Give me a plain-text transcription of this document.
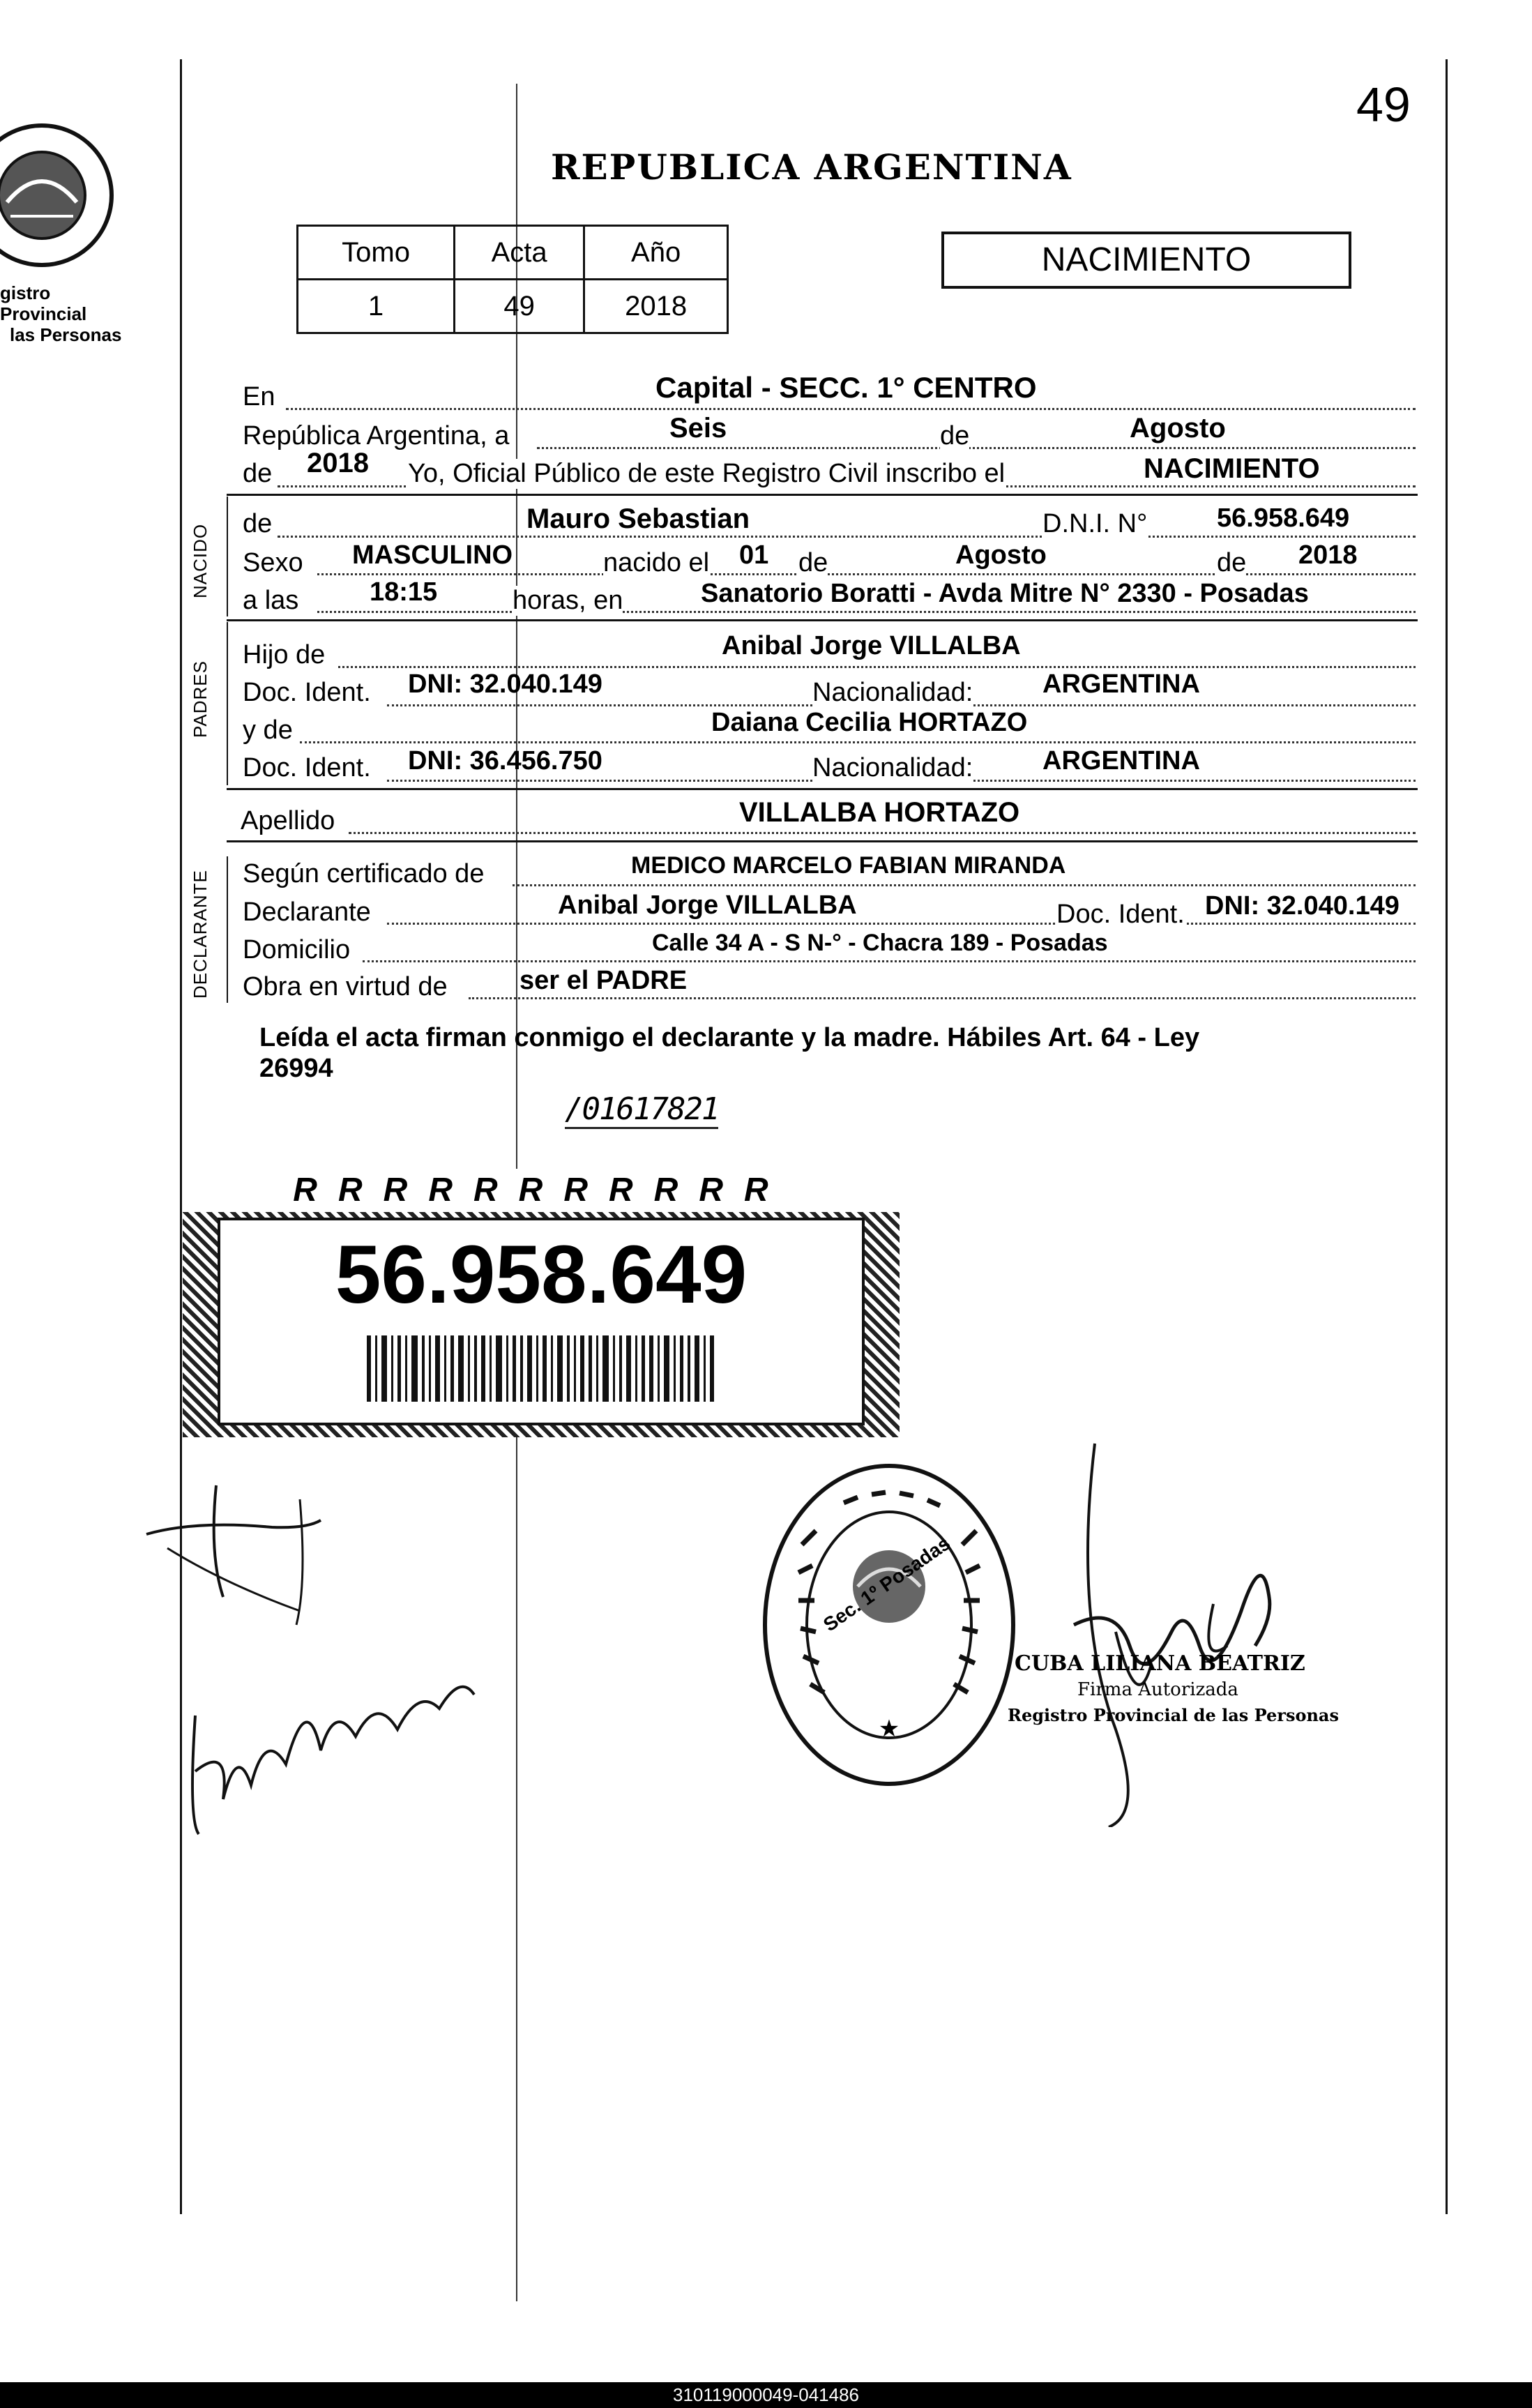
gistro Provincial
las Personas
49
REPUBLICA ARGENTINA
Tomo	Acta	Año
1	49	2018
NACIMIENTO
En	Capital - SECC. 1° CENTRO
República Argentina, a	Seis	de	Agosto
de 2018 Yo, Oficial Público de este Registro Civil inscribo el	NACIMIENTO
NACIDO de	Mauro Sebastian	D.N.I. N°	56.958.649
Sexo MASCULINO	nacido el 01 de	Agosto	de 2018
a las	18:15	horas, en	Sanatorio Boratti - Avda Mitre N° 2330 - Posadas
PADRES
Hijo de	Anibal Jorge VILLALBA
Doc. Ident. DNI: 32.040.149	Nacionalidad:	ARGENTINA
y de	Daiana Cecilia HORTAZO
Doc. Ident. DNI: 36.456.750	Nacionalidad:	ARGENTINA
Apellido	VILLALBA HORTAZO
DECLARANTE Según certificado de	MEDICO MARCELO FABIAN MIRANDA
Declarante	Anibal Jorge VILLALBA	Doc. Ident. DNI: 32.040.149
Domicilio	Calle 34 A - S N-° - Chacra 189 - Posadas
Obra en virtud de	ser el PADRE
Leída el acta firman conmigo el declarante y la madre. Hábiles Art. 64 - Ley
26994
/01617821
RRRRRRRRRRR
56.958.649
★
Sec. 1º Posadas
CUBA LILIANA BEATRIZ
Firma Autorizada
Registro Provincial de las Personas
310119000049-041486
